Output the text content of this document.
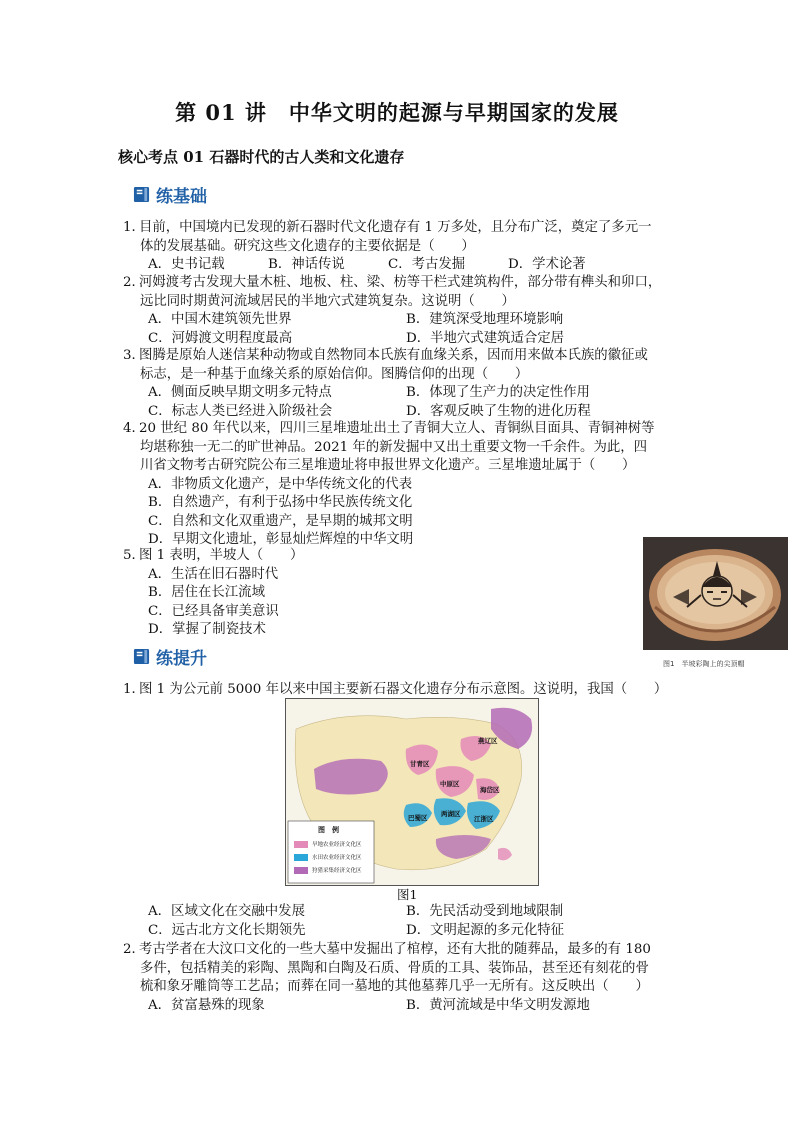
第 01 讲　中华文明的起源与早期国家的发展
核心考点 01 石器时代的古人类和文化遗存
练基础
1．目前，中国境内已发现的新石器时代文化遗存有 1 万多处，且分布广泛，奠定了多元一
体的发展基础。研究这些文化遗存的主要依据是（　　）
A．史书记载	B．神话传说	C．考古发掘	D．学术论著
2．河姆渡考古发现大量木桩、地板、柱、梁、枋等干栏式建筑构件，部分带有榫头和卯口，
远比同时期黄河流域居民的半地穴式建筑复杂。这说明（　　）
A．中国木建筑领先世界	B．建筑深受地理环境影响
C．河姆渡文明程度最高	D．半地穴式建筑适合定居
3．图腾是原始人迷信某种动物或自然物同本氏族有血缘关系，因而用来做本氏族的徽征或
标志，是一种基于血缘关系的原始信仰。图腾信仰的出现（　　）
A．侧面反映早期文明多元特点	B．体现了生产力的决定性作用
C．标志人类已经进入阶级社会	D．客观反映了生物的进化历程
4．20 世纪 80 年代以来，四川三星堆遗址出土了青铜大立人、青铜纵目面具、青铜神树等
均堪称独一无二的旷世神品。2021 年的新发掘中又出土重要文物一千余件。为此，四
川省文物考古研究院公布三星堆遗址将申报世界文化遗产。三星堆遗址属于（　　）
A．非物质文化遗产，是中华传统文化的代表
B．自然遗产，有利于弘扬中华民族传统文化
C．自然和文化双重遗产，是早期的城邦文明
D．早期文化遗址，彰显灿烂辉煌的中华文明
5．图 1 表明，半坡人（　　）
A．生活在旧石器时代
B．居住在长江流域
C．已经具备审美意识
D．掌握了制瓷技术
图1　半坡彩陶上的尖顶帽
练提升
1．图 1 为公元前 5000 年以来中国主要新石器文化遗存分布示意图。这说明，我国（　　）
燕辽区
中原区
甘青区
巴蜀区
海岱区
两湖区
江浙区
图　例
旱地农业经济文化区
水田农业经济文化区
狩猎采集经济文化区
图1
A．区域文化在交融中发展	B．先民活动受到地域限制
C．远古北方文化长期领先	D．文明起源的多元化特征
2．考古学者在大汶口文化的一些大墓中发掘出了棺椁，还有大批的随葬品，最多的有 180
多件，包括精美的彩陶、黑陶和白陶及石质、骨质的工具、装饰品，甚至还有刻花的骨
梳和象牙雕筒等工艺品；而葬在同一墓地的其他墓葬几乎一无所有。这反映出（　　）
A．贫富悬殊的现象	B．黄河流域是中华文明发源地
